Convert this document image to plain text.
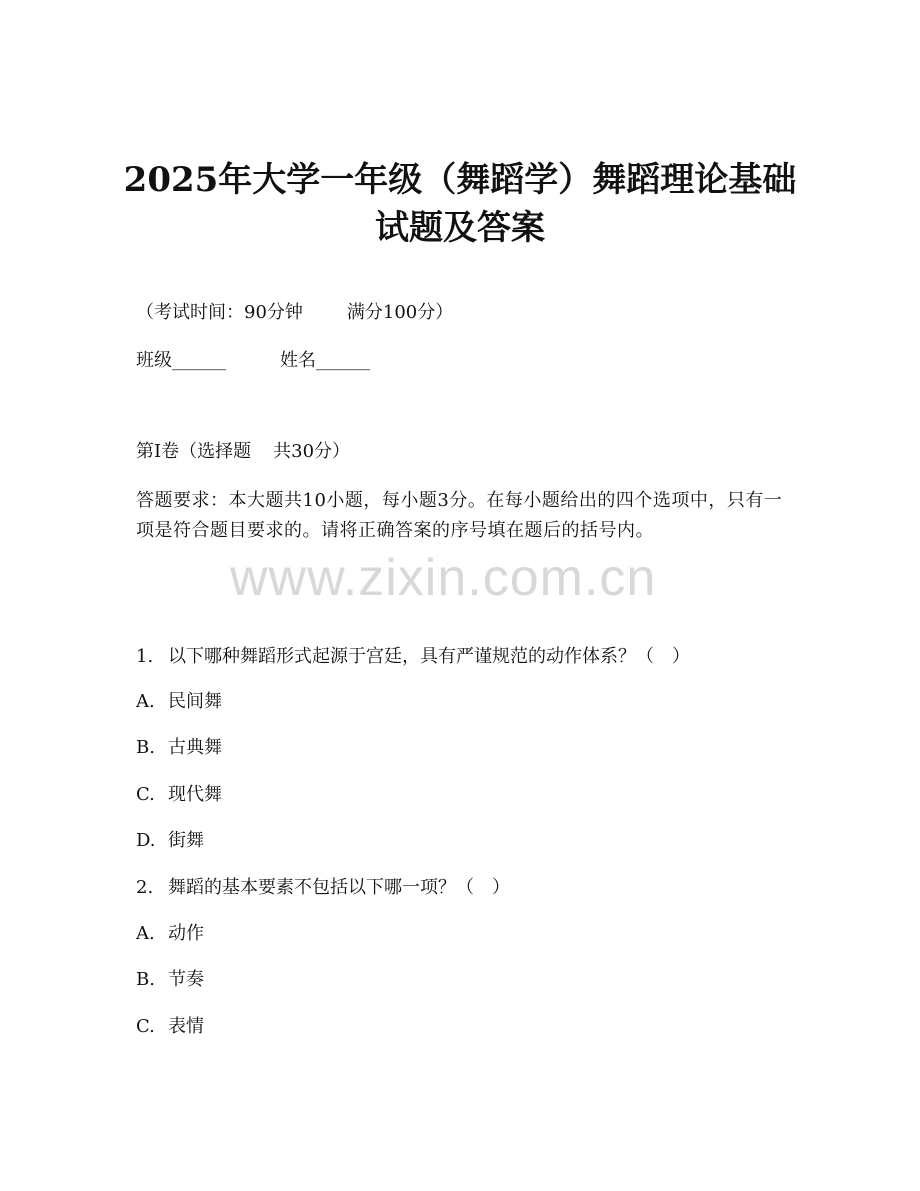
2025年大学一年级（舞蹈学）舞蹈理论基础
试题及答案
（考试时间：90分钟 满分100分）
班级______	姓名______
第Ⅰ卷（选择题 共30分）
答题要求：本大题共10小题，每小题3分。在每小题给出的四个选项中，只有一项是符合题目要求的。请将正确答案的序号填在题后的括号内。
www.zixin.com.cn
1. 以下哪种舞蹈形式起源于宫廷，具有严谨规范的动作体系？（　）
A. 民间舞
B. 古典舞
C. 现代舞
D. 街舞
2. 舞蹈的基本要素不包括以下哪一项？（　）
A. 动作
B. 节奏
C. 表情
